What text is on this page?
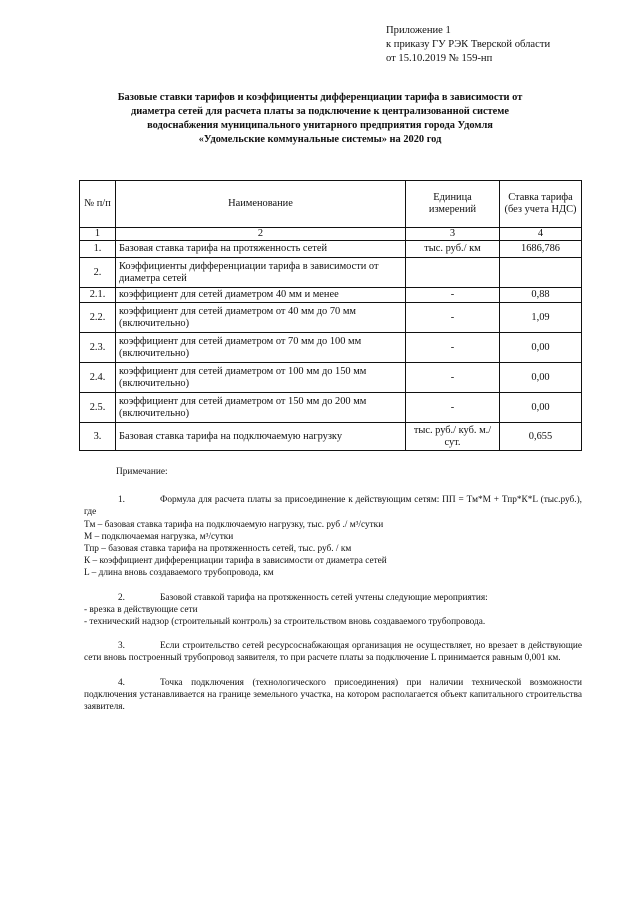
Приложение 1
к приказу ГУ РЭК Тверской области
от 15.10.2019 № 159-нп
Базовые ставки тарифов и коэффициенты дифференциации тарифа в зависимости от
диаметра сетей для расчета платы за подключение к централизованной системе
водоснабжения муниципального унитарного предприятия города Удомля
«Удомельские коммунальные системы» на 2020 год
№ п/п	Наименование	Единица измерений	Ставка тарифа (без учета НДС)
1	2	3	4
1.	Базовая ставка тарифа на протяженность сетей	тыс. руб./ км	1686,786
2.	Коэффициенты дифференциации тарифа в зависимости от диаметра сетей		
2.1.	коэффициент для сетей диаметром 40 мм и менее	-	0,88
2.2.	коэффициент для сетей диаметром от 40 мм до 70 мм (включительно)	-	1,09
2.3.	коэффициент для сетей диаметром от 70 мм до 100 мм (включительно)	-	0,00
2.4.	коэффициент для сетей диаметром от 100 мм до 150 мм (включительно)	-	0,00
2.5.	коэффициент для сетей диаметром от 150 мм до 200 мм (включительно)	-	0,00
3.	Базовая ставка тарифа на подключаемую нагрузку	тыс. руб./ куб. м./сут.	0,655

Примечание:

1.	Формула для расчета платы за присоединение к действующим сетям: ПП = Тм*М + Тпр*К*L (тыс.руб.), где

Тм – базовая ставка тарифа на подключаемую нагрузку, тыс. руб ./ м³/сутки

М – подключаемая нагрузка, м³/сутки

Тпр – базовая ставка тарифа на протяженность сетей, тыс. руб. / км

К – коэффициент дифференциации тарифа в зависимости от диаметра сетей

L – длина вновь создаваемого трубопровода, км

2.	Базовой ставкой тарифа на протяженность сетей учтены следующие мероприятия:

- врезка в действующие сети

- технический надзор (строительный контроль) за строительством вновь создаваемого трубопровода.

3.	Если строительство сетей ресурсоснабжающая организация не осуществляет, но врезает в действующие сети вновь построенный трубопровод заявителя, то при расчете платы за подключение L принимается равным 0,001 км.

4.	Точка подключения (технологического присоединения) при наличии технической возможности подключения устанавливается на границе земельного участка, на котором располагается объект капитального строительства заявителя.
